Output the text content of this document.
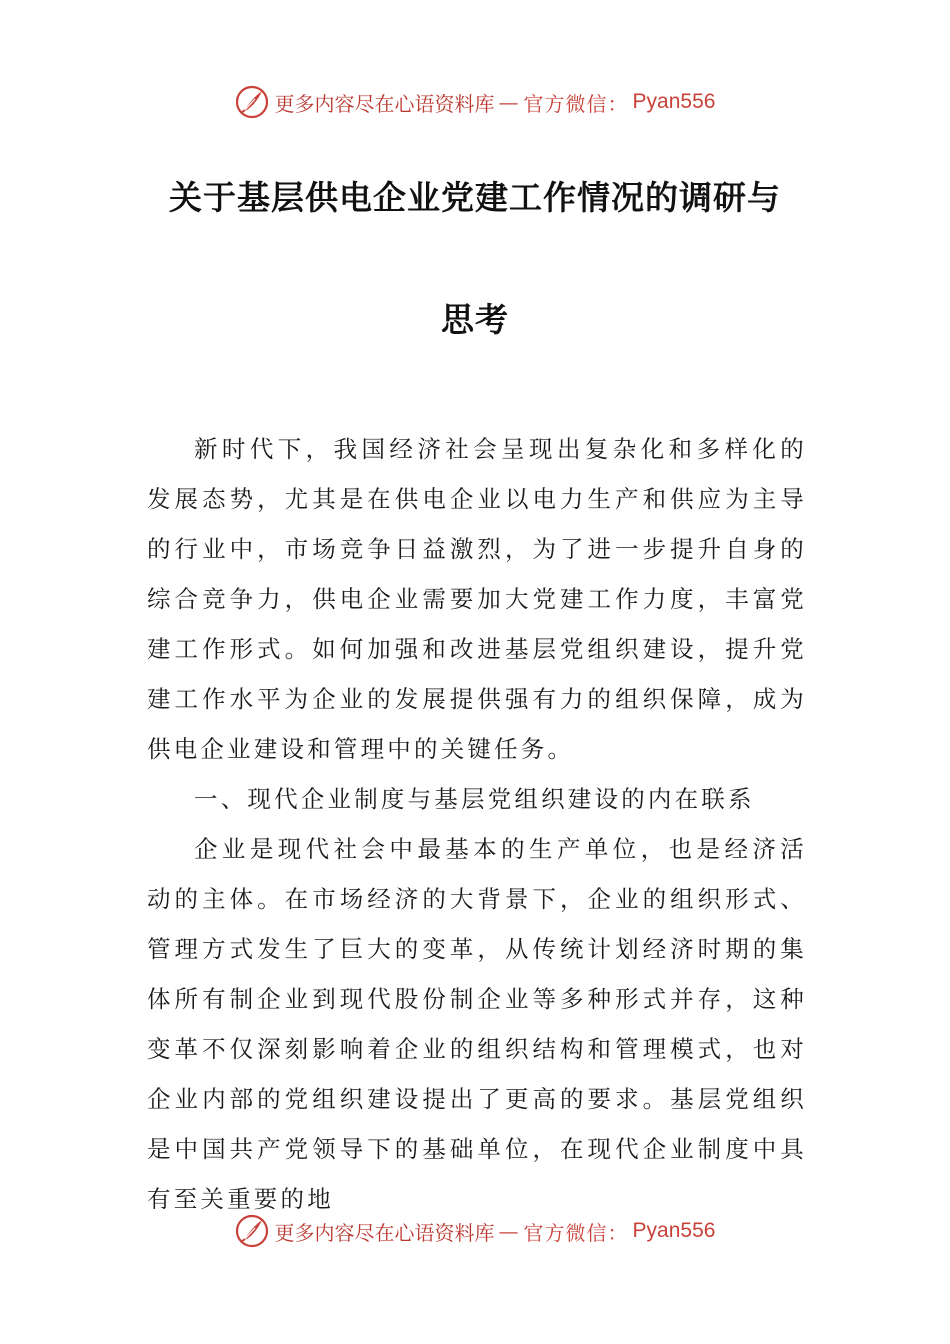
更多内容尽在心语资料库 — 官方微信： Pyan556
关于基层供电企业党建工作情况的调研与
思考

新时代下，我国经济社会呈现出复杂化和多样化的发展态势，尤其是在供电企业以电力生产和供应为主导的行业中，市场竞争日益激烈，为了进一步提升自身的综合竞争力，供电企业需要加大党建工作力度，丰富党建工作形式。如何加强和改进基层党组织建设，提升党建工作水平为企业的发展提供强有力的组织保障，成为供电企业建设和管理中的关键任务。

一、现代企业制度与基层党组织建设的内在联系

企业是现代社会中最基本的生产单位，也是经济活动的主体。在市场经济的大背景下，企业的组织形式、管理方式发生了巨大的变革，从传统计划经济时期的集体所有制企业到现代股份制企业等多种形式并存，这种变革不仅深刻影响着企业的组织结构和管理模式，也对企业内部的党组织建设提出了更高的要求。基层党组织是中国共产党领导下的基础单位，在现代企业制度中具有至关重要的地

更多内容尽在心语资料库 — 官方微信： Pyan556
